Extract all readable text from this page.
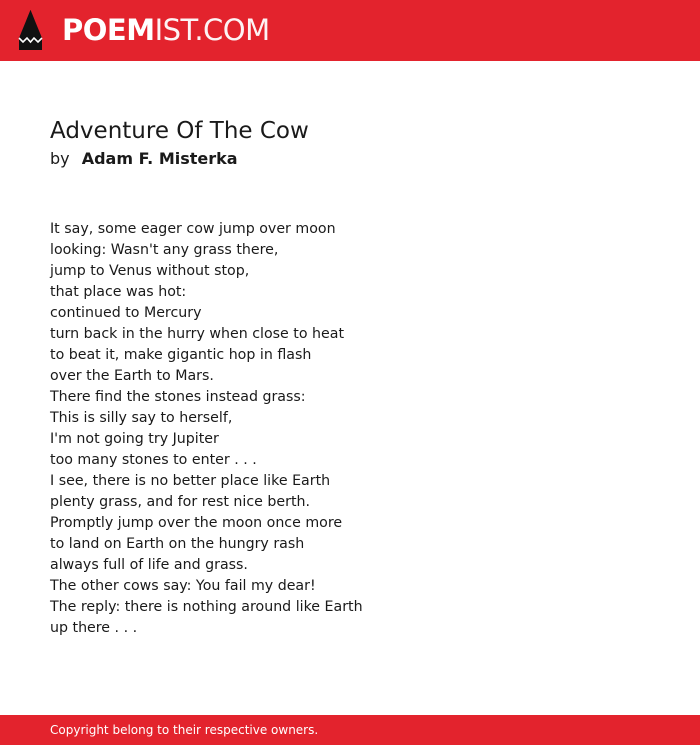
POEMIST.COM
Adventure Of The Cow
by Adam F. Misterka
It say, some eager cow jump over moon
looking: Wasn't any grass there,
jump to Venus without stop,
that place was hot:
continued to Mercury
turn back in the hurry when close to heat
to beat it, make gigantic hop in flash
over the Earth to Mars.
There find the stones instead grass:
This is silly say to herself,
I'm not going try Jupiter
too many stones to enter . . .
I see, there is no better place like Earth
plenty grass, and for rest nice berth.
Promptly jump over the moon once more
to land on Earth on the hungry rash
always full of life and grass.
The other cows say: You fail my dear!
The reply: there is nothing around like Earth
up there . . .
Copyright belong to their respective owners.
